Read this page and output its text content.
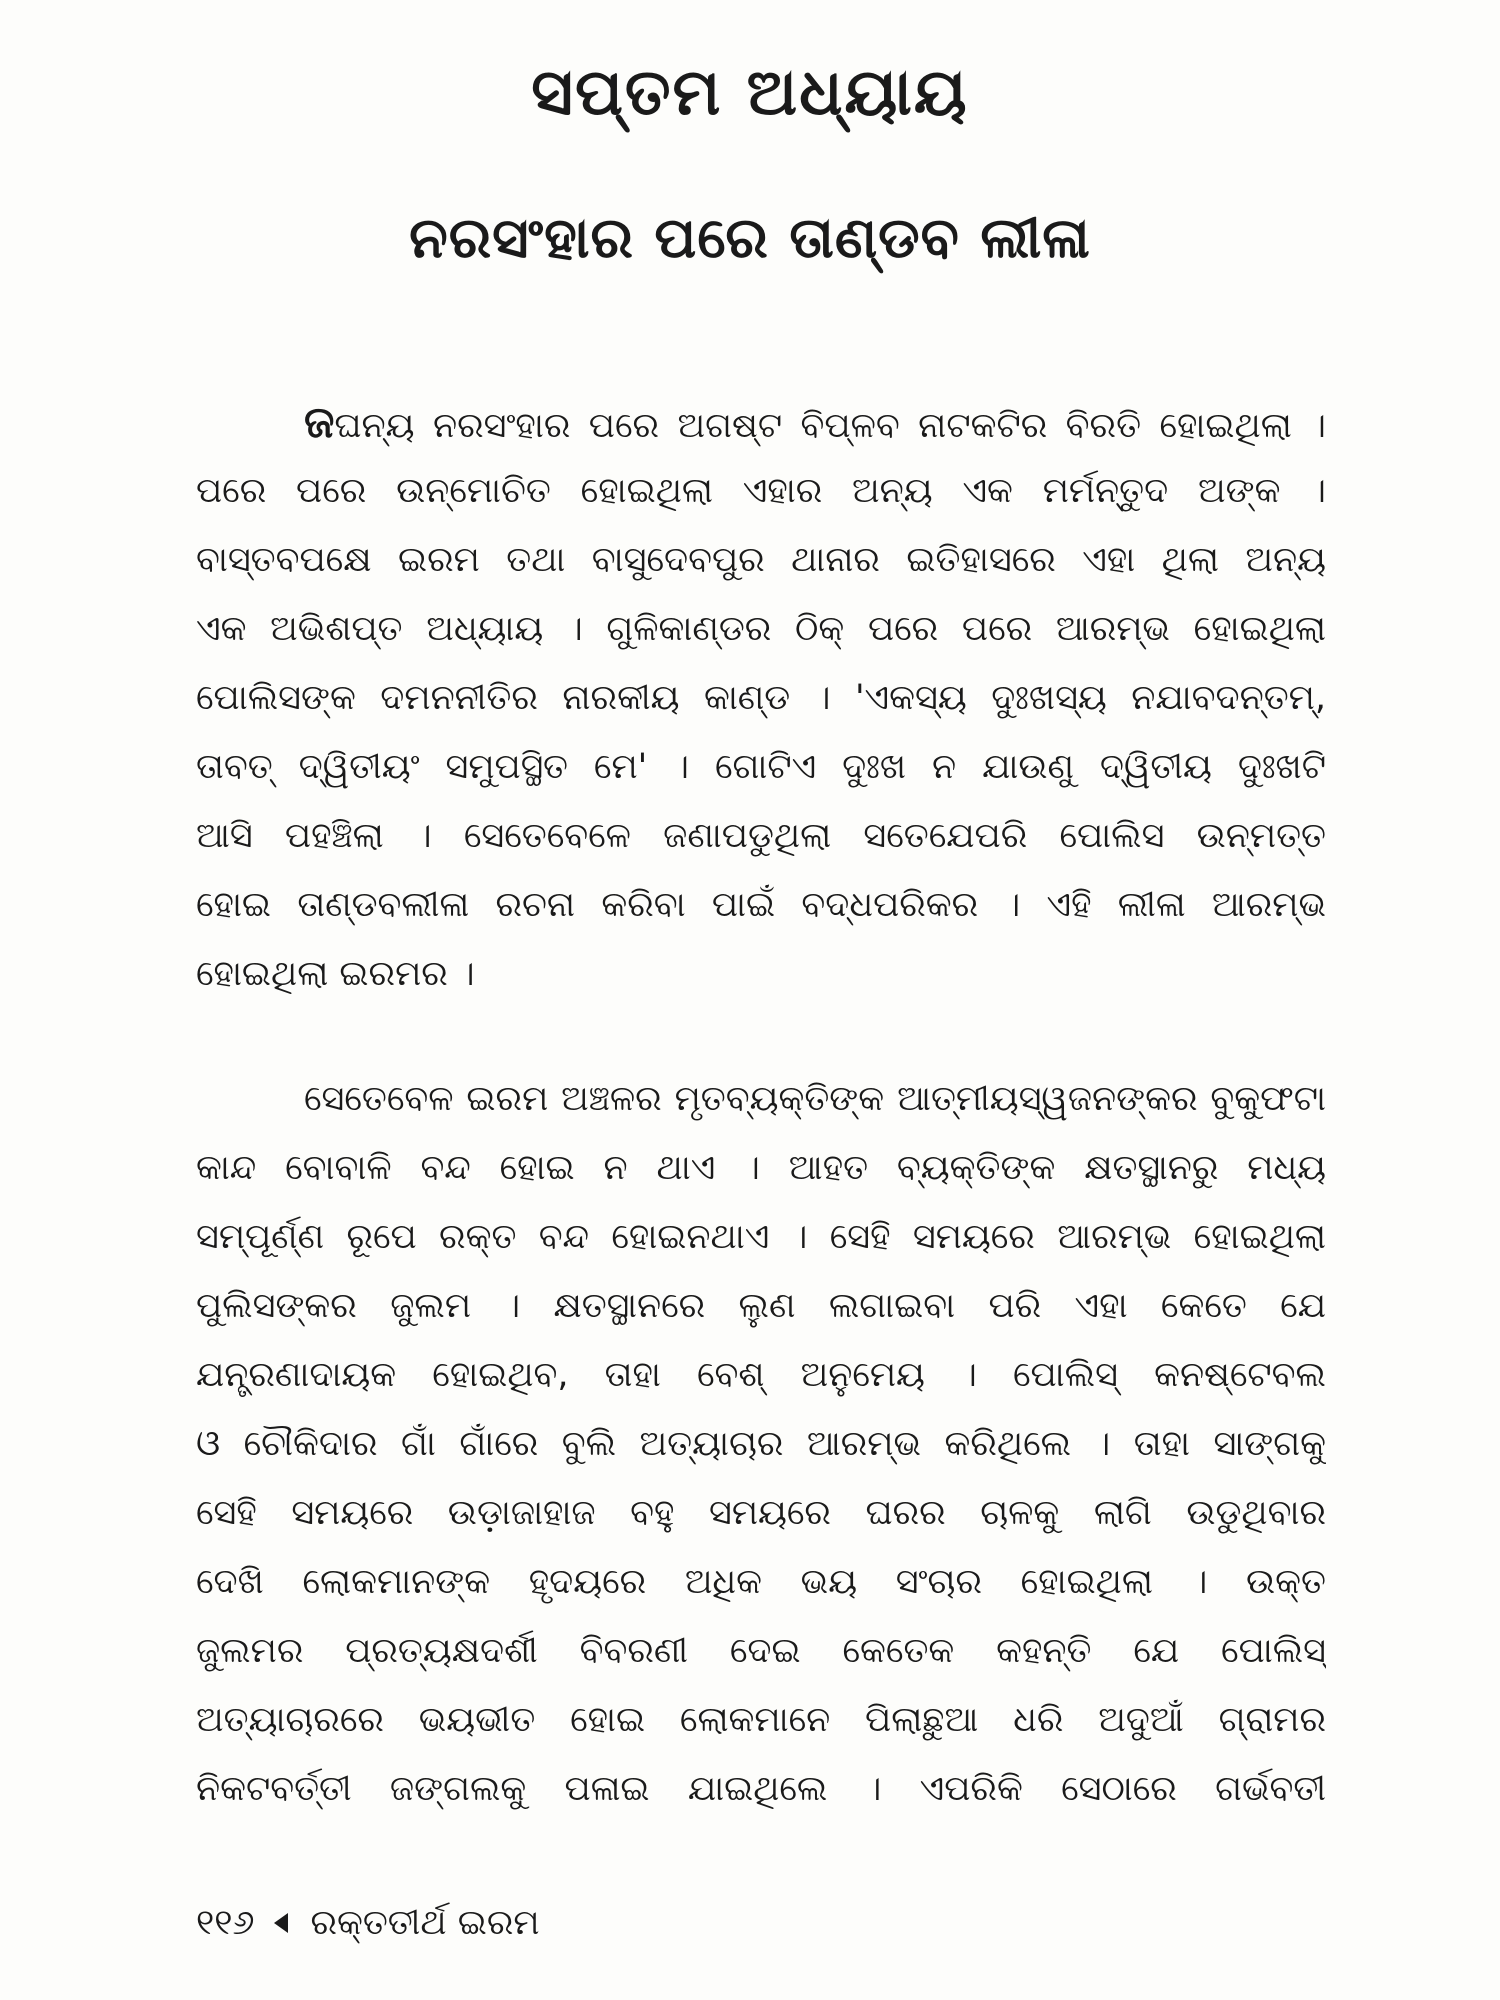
ସପ୍ତମ ଅଧ୍ୟାୟ
ନରସଂହାର ପରେ ତାଣ୍ଡବ ଲୀଳା
ଜଘନ୍ୟ ନରସଂହାର ପରେ ଅଗଷ୍ଟ ବିପ୍ଳବ ନାଟକଟିର ବିରତି ହୋଇଥିଲା ।
ପରେ ପରେ ଉନ୍ମୋଚିତ ହୋଇଥିଲା ଏହାର ଅନ୍ୟ ଏକ ମର୍ମନ୍ତୁଦ ଅଙ୍କ ।
ବାସ୍ତବପକ୍ଷେ ଇରମ ତଥା ବାସୁଦେବପୁର ଥାନାର ଇତିହାସରେ ଏହା ଥିଲା ଅନ୍ୟ
ଏକ ଅଭିଶପ୍ତ ଅଧ୍ୟାୟ । ଗୁଳିକାଣ୍ଡର ଠିକ୍ ପରେ ପରେ ଆରମ୍ଭ ହୋଇଥିଲା
ପୋଲିସଙ୍କ ଦମନନୀତିର ନାରକୀୟ କାଣ୍ଡ । 'ଏକସ୍ୟ ଦୁଃଖସ୍ୟ ନଯାବଦନ୍ତମ୍,
ତାବତ୍ ଦ୍ୱିତୀୟଂ ସମୁପସ୍ଥିତ ମେ' । ଗୋଟିଏ ଦୁଃଖ ନ ଯାଉଣୁ ଦ୍ୱିତୀୟ ଦୁଃଖଟି
ଆସି ପହଞ୍ଚିଲା । ସେତେବେଳେ ଜଣାପଡୁଥିଲା ସତେଯେପରି ପୋଲିସ ଉନ୍ମତ୍ତ
ହୋଇ ତାଣ୍ଡବଲୀଳା ରଚନା କରିବା ପାଇଁ ବଦ୍ଧପରିକର । ଏହି ଲୀଳା ଆରମ୍ଭ
ହୋଇଥିଲା ଇରମର ।
ସେତେବେଳ ଇରମ ଅଞ୍ଚଳର ମୃତବ୍ୟକ୍ତିଙ୍କ ଆତ୍ମୀୟସ୍ୱଜନଙ୍କର ବୁକୁଫଟା
କାନ୍ଦ ବୋବାଳି ବନ୍ଦ ହୋଇ ନ ଥାଏ । ଆହତ ବ୍ୟକ୍ତିଙ୍କ କ୍ଷତସ୍ଥାନରୁ ମଧ୍ୟ
ସମ୍ପୂର୍ଣ୍ଣ ରୂପେ ରକ୍ତ ବନ୍ଦ ହୋଇନଥାଏ । ସେହି ସମୟରେ ଆରମ୍ଭ ହୋଇଥିଲା
ପୁଲିସଙ୍କର ଜୁଲମ । କ୍ଷତସ୍ଥାନରେ ଲୁଣ ଲଗାଇବା ପରି ଏହା କେତେ ଯେ
ଯନ୍ତ୍ରଣାଦାୟକ ହୋଇଥିବ, ତାହା ବେଶ୍ ଅନୁମେୟ । ପୋଲିସ୍ କନଷ୍ଟେବଲ
ଓ ଚୌକିଦାର ଗାଁ ଗାଁରେ ବୁଲି ଅତ୍ୟାଚାର ଆରମ୍ଭ କରିଥିଲେ । ତାହା ସାଙ୍ଗକୁ
ସେହି ସମୟରେ ଉଡ଼ାଜାହାଜ ବହୁ ସମୟରେ ଘରର ଚାଳକୁ ଲାଗି ଉଡୁଥିବାର
ଦେଖି ଲୋକମାନଙ୍କ ହୃଦୟରେ ଅଧିକ ଭୟ ସଂଚାର ହୋଇଥିଲା । ଉକ୍ତ
ଜୁଲମର ପ୍ରତ୍ୟକ୍ଷଦର୍ଶୀ ବିବରଣୀ ଦେଇ କେତେକ କହନ୍ତି ଯେ ପୋଲିସ୍
ଅତ୍ୟାଚାରରେ ଭୟଭୀତ ହୋଇ ଲୋକମାନେ ପିଲାଛୁଆ ଧରି ଅଦୁଆଁ ଗ୍ରାମର
ନିକଟବର୍ତ୍ତୀ ଜଙ୍ଗଲକୁ ପଳାଇ ଯାଇଥିଲେ । ଏପରିକି ସେଠାରେ ଗର୍ଭବତୀ
୧୧୬ ରକ୍ତତୀର୍ଥ ଇରମ
